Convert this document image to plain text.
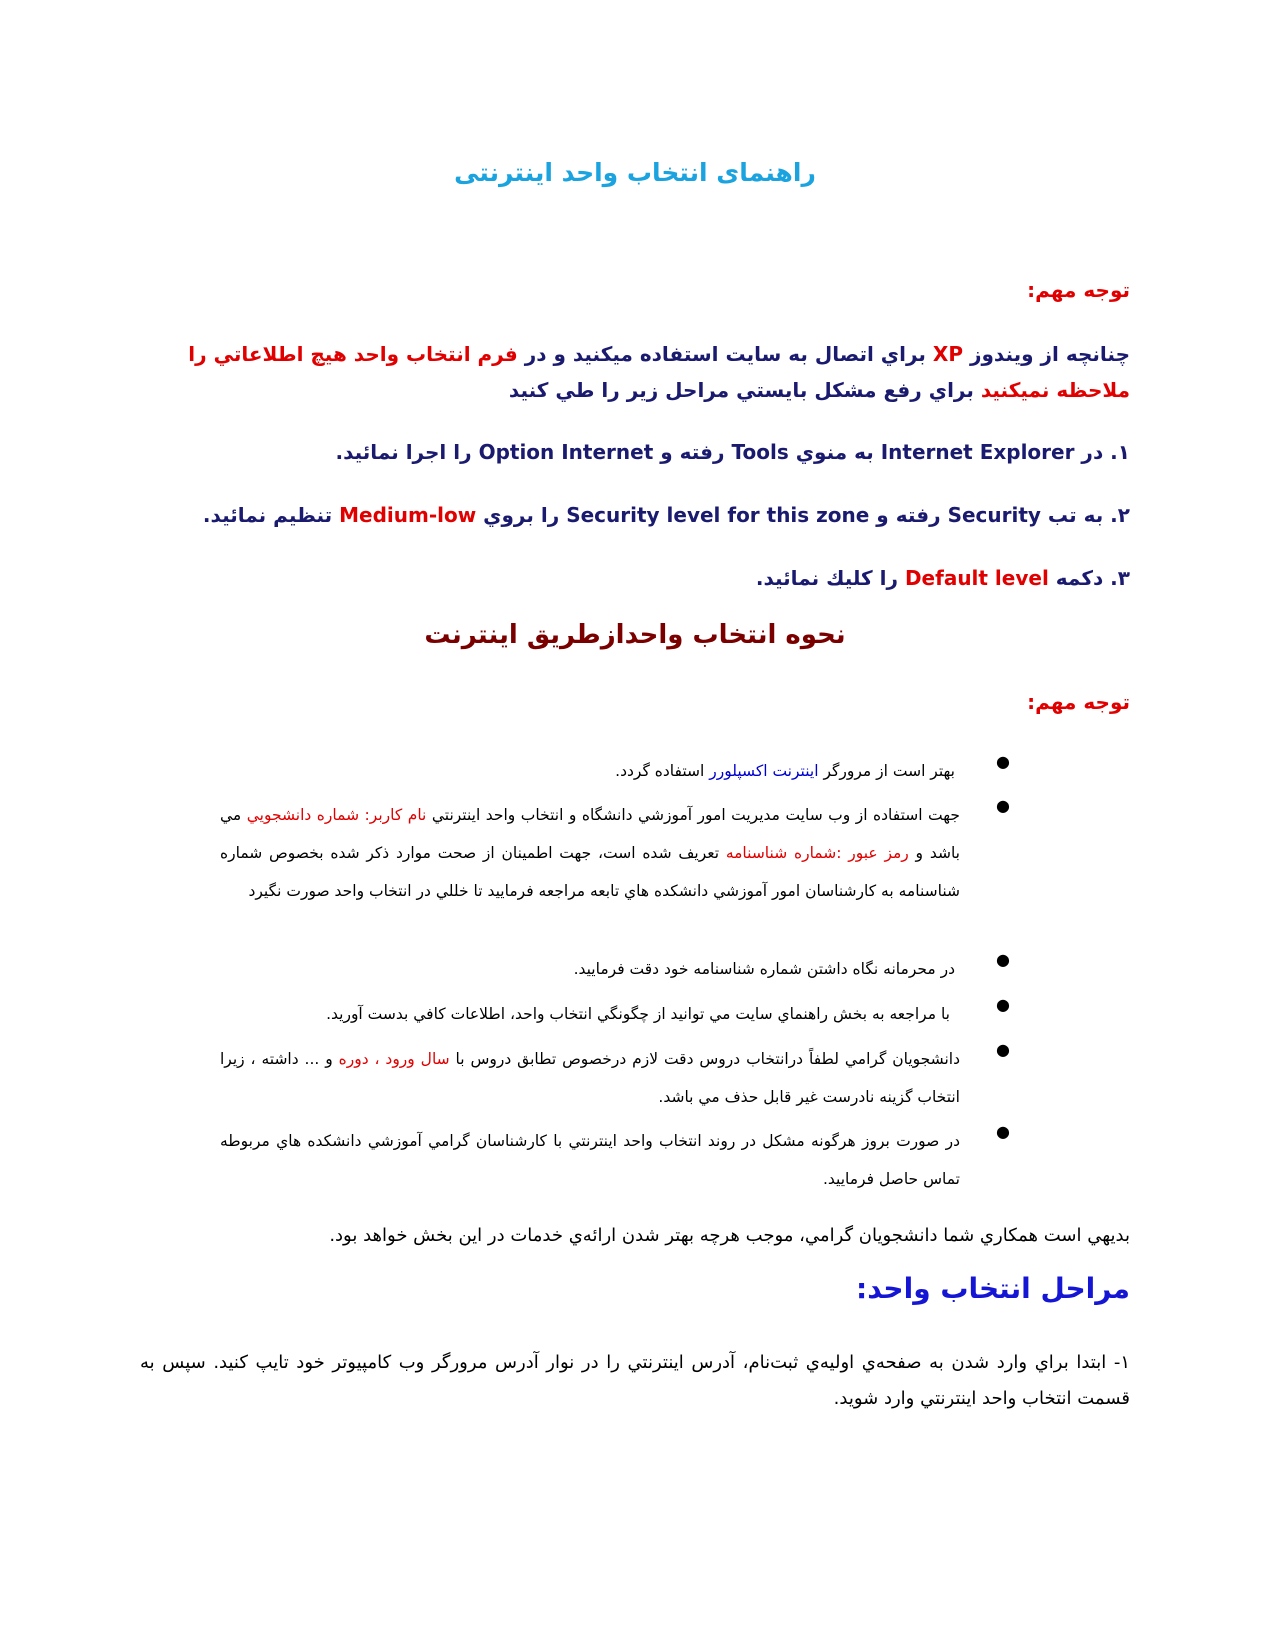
راهنمای انتخاب واحد اینترنتی
توجه مهم:
چنانچه از ويندوز XP براي اتصال به سايت استفاده ميكنيد و در فرم انتخاب واحد هيچ اطلاعاتي را ملاحظه نميكنيد براي رفع مشكل بايستي مراحل زير را طي كنيد
۱. در Internet Explorer به منوي Tools رفته و Option Internet را اجرا نمائيد.
۲. به تب Security رفته و Security level for this zone را بروي Medium-low تنظيم نمائيد.
۳. دكمه Default level را كليك نمائيد.
نحوه انتخاب واحدازطريق اينترنت
توجه مهم:
●
بهتر است از مرورگر اینترنت اکسپلورر استفاده گردد.
●
جهت استفاده از وب سايت مديريت امور آموزشي دانشگاه و انتخاب واحد اينترنتي نام كاربر: شماره دانشجويي مي باشد و رمز عبور :شماره شناسنامه تعريف شده است، جهت اطمينان از صحت موارد ذكر شده بخصوص شماره شناسنامه به كارشناسان امور آموزشي دانشكده هاي تابعه مراجعه فرماييد تا خللي در انتخاب واحد صورت نگيرد
●
در محرمانه نگاه داشتن شماره شناسنامه خود دقت فرماييد.
●
با مراجعه به بخش راهنماي سايت مي توانيد از چگونگي انتخاب واحد، اطلاعات كافي بدست آوريد.
●
دانشجويان گرامي لطفاً درانتخاب دروس دقت لازم درخصوص تطابق دروس با سال ورود ، دوره و ... داشته ، زيرا انتخاب گزينه نادرست غير قابل حذف مي باشد.
●
در صورت بروز هرگونه مشكل در روند انتخاب واحد اينترنتي با كارشناسان گرامي آموزشي دانشكده هاي مربوطه تماس حاصل فرماييد.
بديهي است همكاري شما دانشجويان گرامي، موجب هرچه بهتر شدن ارائه‌ي خدمات در اين بخش خواهد بود.
مراحل انتخاب واحد:
۱- ابتدا براي وارد شدن به صفحه‌ي اوليه‌ي ثبت‌نام، آدرس اينترنتي را در نوار آدرس مرورگر وب كامپيوتر خود تايپ كنيد. سپس به قسمت انتخاب واحد اينترنتي وارد شويد.
